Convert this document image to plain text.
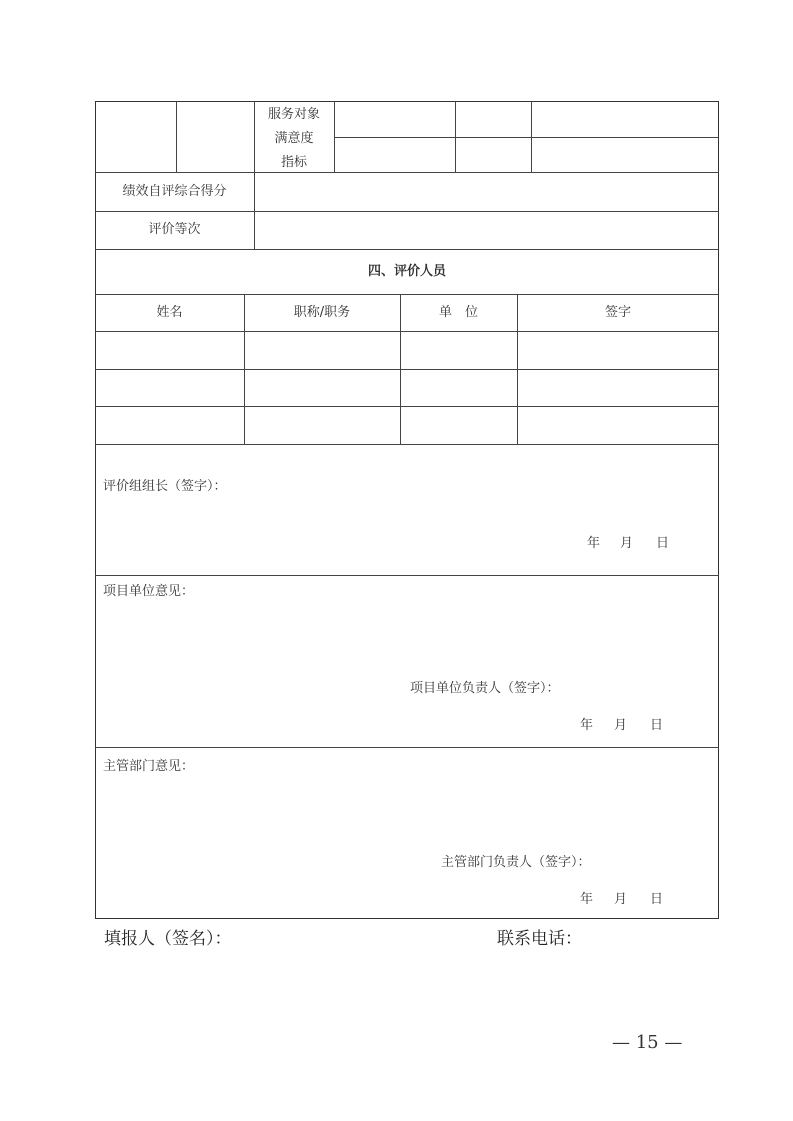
服务对象
满意度
指标
绩效自评综合得分
评价等次
四、评价人员
姓名	职称/职务	单　位	签字
评价组组长（签字）：
年 月 日
项目单位意见：
项目单位负责人（签字）：
年 月 日
主管部门意见：
主管部门负责人（签字）：
年 月 日
填报人（签名）：	联系电话：
— 15 —
